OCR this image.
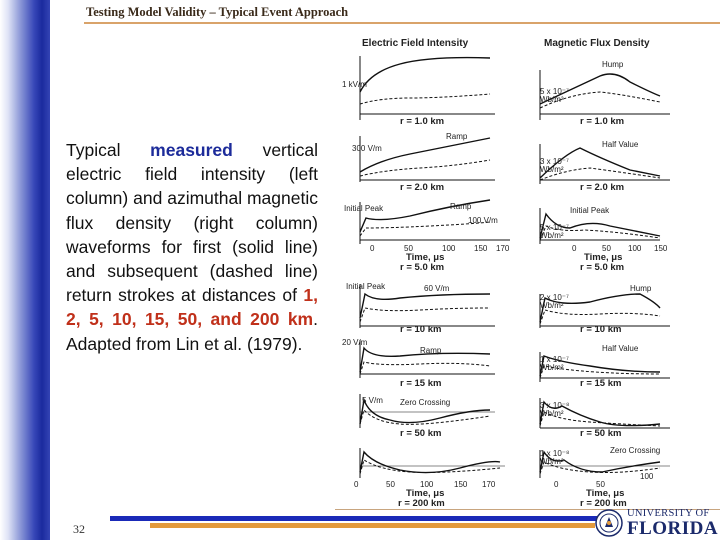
Testing Model Validity – Typical Event Approach
Typical measured vertical electric field intensity (left column) and azimuthal magnetic flux density (right column) waveforms for first (solid line) and subsequent (dashed line) return strokes at distances of 1, 2, 5, 10, 15, 50, and 200 km. Adapted from Lin et al. (1979).
Electric Field Intensity	Magnetic Flux Density
1 kV/m
5 x 10⁻⁷ Wb/m²
Hump
r = 1.0 km	r = 1.0 km
300 V/m
Ramp
3 x 10⁻⁷ Wb/m²
Half Value
r = 2.0 km	r = 2.0 km
Initial Peak	Ramp
100 V/m
Initial Peak
5 x 10⁻⁷ Wb/m²
0	50	100 150 170	0	50 100 150
Time, μs	Time, μs
r = 5.0 km	r = 5.0 km
Initial Peak	60 V/m	Hump
2 x 10⁻⁷ Wb/m²
r = 10 km	r = 10 km
20 V/m
Ramp	Half Value
1 x 10⁻⁷ Wb/m²
r = 15 km	r = 15 km
5 V/m Zero Crossing	3 x 10⁻⁸ Wb/m²
r = 50 km	r = 50 km
1 x 10⁻⁸ Wb/m²
Zero Crossing
0	50	100	150 170	0	50
100
Time, μs	Time, μs
r = 200 km	r = 200 km
32
UNIVERSITY OF
FLORIDA
